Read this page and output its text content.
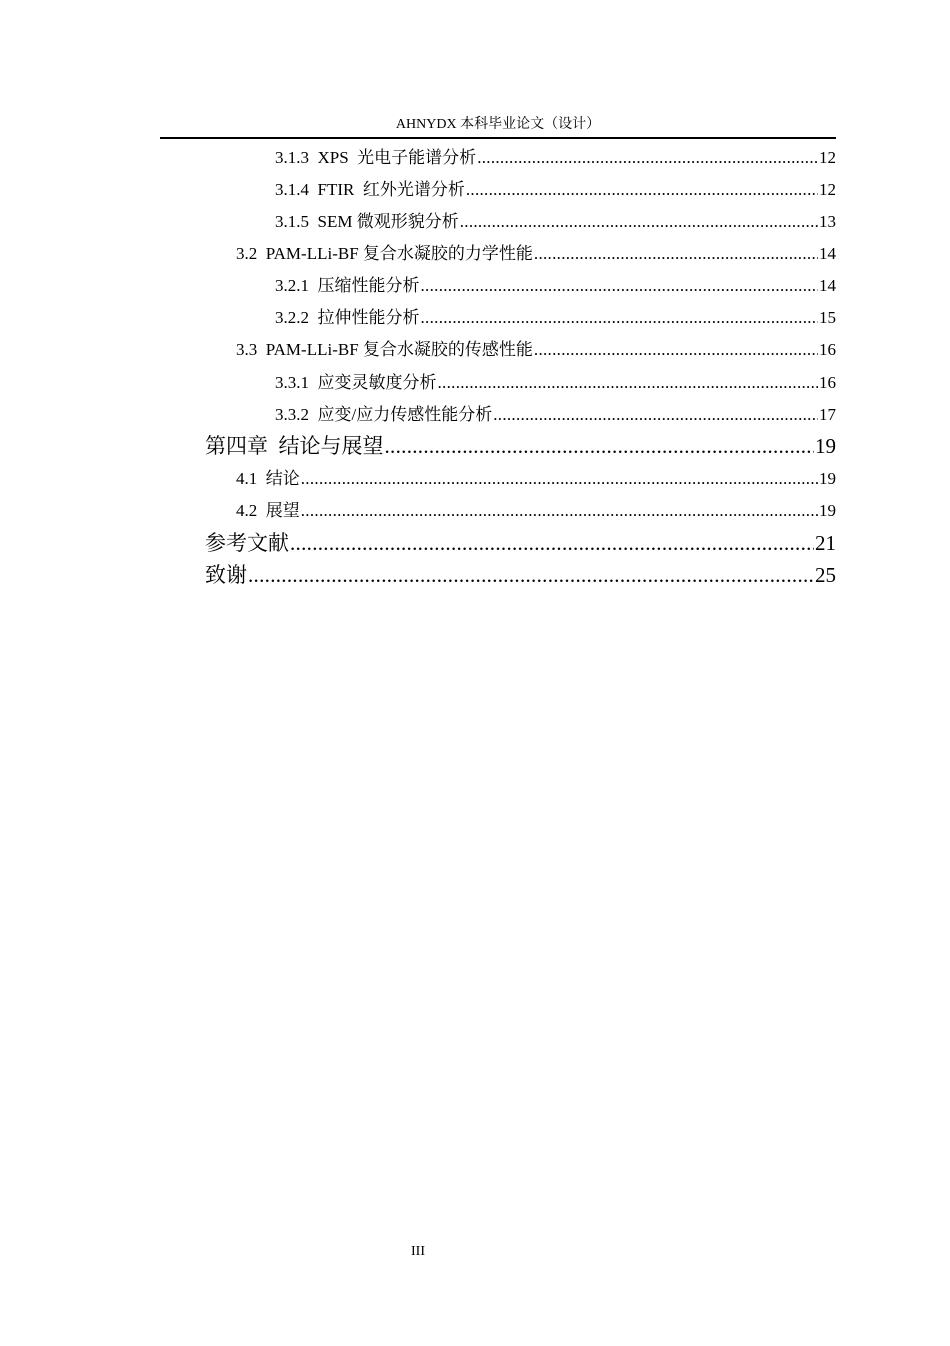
AHNYDX 本科毕业论文（设计）
3.1.3  XPS  光电子能谱分析 .....	12
3.1.4  FTIR  红外光谱分析 .....	12
3.1.5  SEM 微观形貌分析 .....	13
3.2  PAM-LLi-BF 复合水凝胶的力学性能 .....	14
3.2.1  压缩性能分析 .....	14
3.2.2  拉伸性能分析 .....	15
3.3  PAM-LLi-BF 复合水凝胶的传感性能 .....	16
3.3.1  应变灵敏度分析 .....	16
3.3.2  应变/应力传感性能分析 .....	17
第四章  结论与展望 .....	19
4.1  结论 .....	19
4.2  展望 .....	19
参考文献 .....	21
致谢 .....	25
III
